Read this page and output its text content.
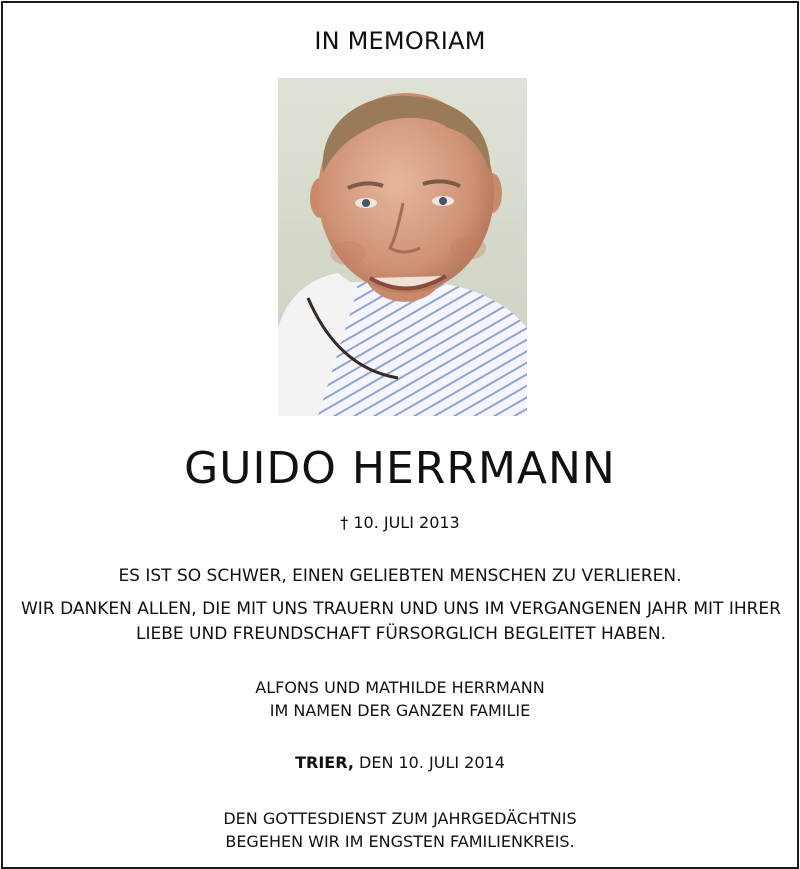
IN MEMORIAM
GUIDO HERRMANN
† 10. JULI 2013
ES IST SO SCHWER, EINEN GELIEBTEN MENSCHEN ZU VERLIEREN.
WIR DANKEN ALLEN, DIE MIT UNS TRAUERN UND UNS IM VERGANGENEN JAHR MIT IHRER LIEBE UND FREUNDSCHAFT FÜRSORGLICH BEGLEITET HABEN.
ALFONS UND MATHILDE HERRMANN
IM NAMEN DER GANZEN FAMILIE
TRIER, DEN 10. JULI 2014
DEN GOTTESDIENST ZUM JAHRGEDÄCHTNIS
BEGEHEN WIR IM ENGSTEN FAMILIENKREIS.
